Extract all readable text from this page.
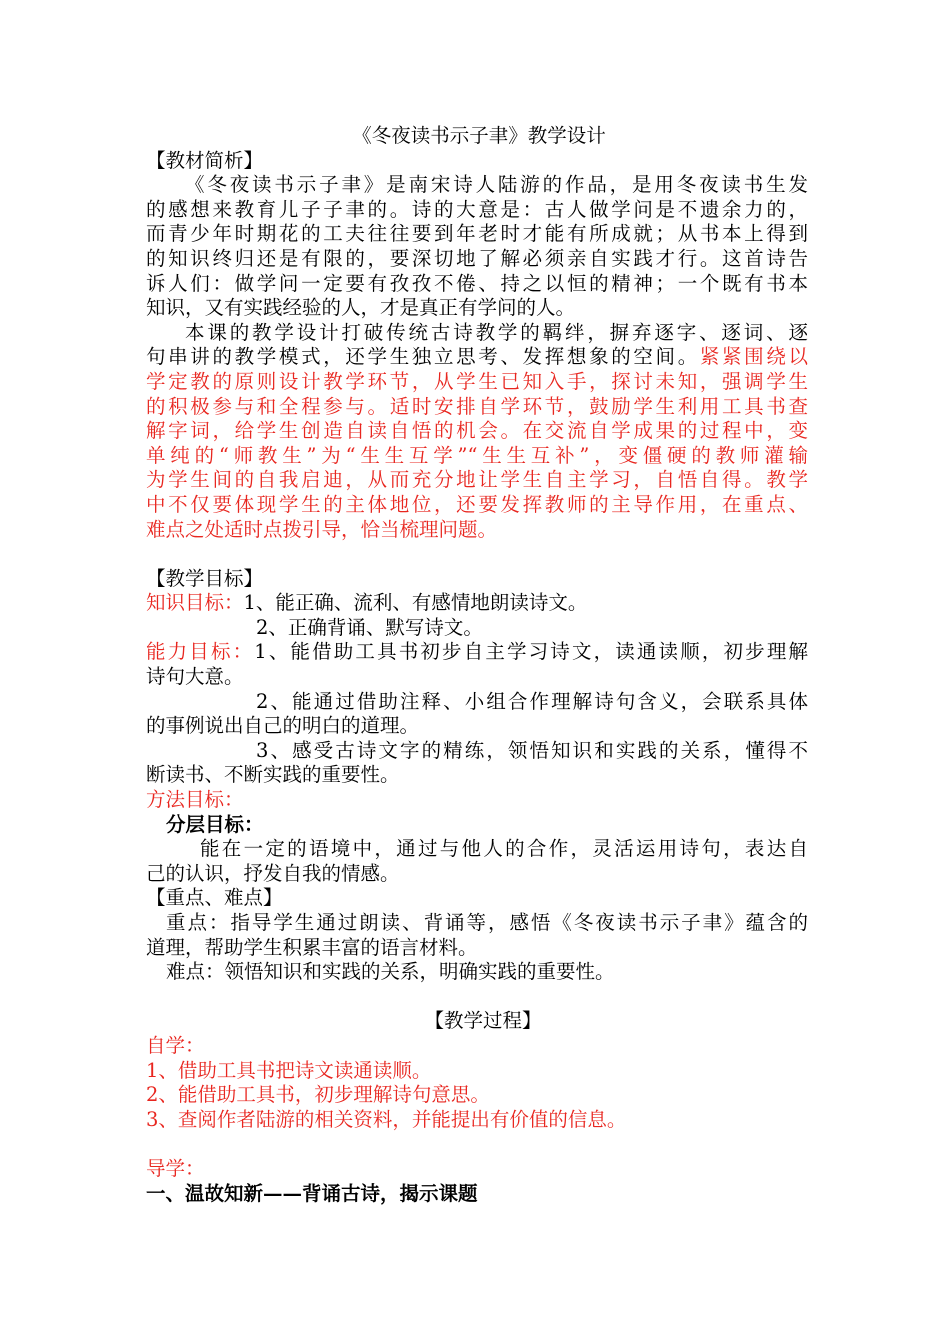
《冬夜读书示子聿》教学设计
【教材简析】
《冬夜读书示子聿》是南宋诗人陆游的作品，是用冬夜读书生发
的感想来教育儿子子聿的。诗的大意是：古人做学问是不遗余力的，
而青少年时期花的工夫往往要到年老时才能有所成就；从书本上得到
的知识终归还是有限的，要深切地了解必须亲自实践才行。这首诗告
诉人们：做学问一定要有孜孜不倦、持之以恒的精神；一个既有书本
知识，又有实践经验的人，才是真正有学问的人。
本课的教学设计打破传统古诗教学的羁绊，摒弃逐字、逐词、逐
句串讲的教学模式，还学生独立思考、发挥想象的空间。紧紧围绕以
学定教的原则设计教学环节，从学生已知入手，探讨未知，强调学生
的积极参与和全程参与。适时安排自学环节，鼓励学生利用工具书查
解字词，给学生创造自读自悟的机会。在交流自学成果的过程中，变
单纯的“师教生”为“生生互学”“生生互补”，变僵硬的教师灌输
为学生间的自我启迪，从而充分地让学生自主学习，自悟自得。教学
中不仅要体现学生的主体地位，还要发挥教师的主导作用，在重点、
难点之处适时点拨引导，恰当梳理问题。
【教学目标】
知识目标：1、能正确、流利、有感情地朗读诗文。
2、正确背诵、默写诗文。
能力目标：1、能借助工具书初步自主学习诗文，读通读顺，初步理解
诗句大意。
2、能通过借助注释、小组合作理解诗句含义，会联系具体
的事例说出自己的明白的道理。
3、感受古诗文字的精练，领悟知识和实践的关系，懂得不
断读书、不断实践的重要性。
方法目标：
分层目标：
能在一定的语境中，通过与他人的合作，灵活运用诗句，表达自
己的认识，抒发自我的情感。
【重点、难点】
重点：指导学生通过朗读、背诵等，感悟《冬夜读书示子聿》蕴含的
道理，帮助学生积累丰富的语言材料。
难点：领悟知识和实践的关系，明确实践的重要性。
【教学过程】
自学：
1、借助工具书把诗文读通读顺。
2、能借助工具书，初步理解诗句意思。
3、查阅作者陆游的相关资料，并能提出有价值的信息。
导学：
一、温故知新——背诵古诗，揭示课题
